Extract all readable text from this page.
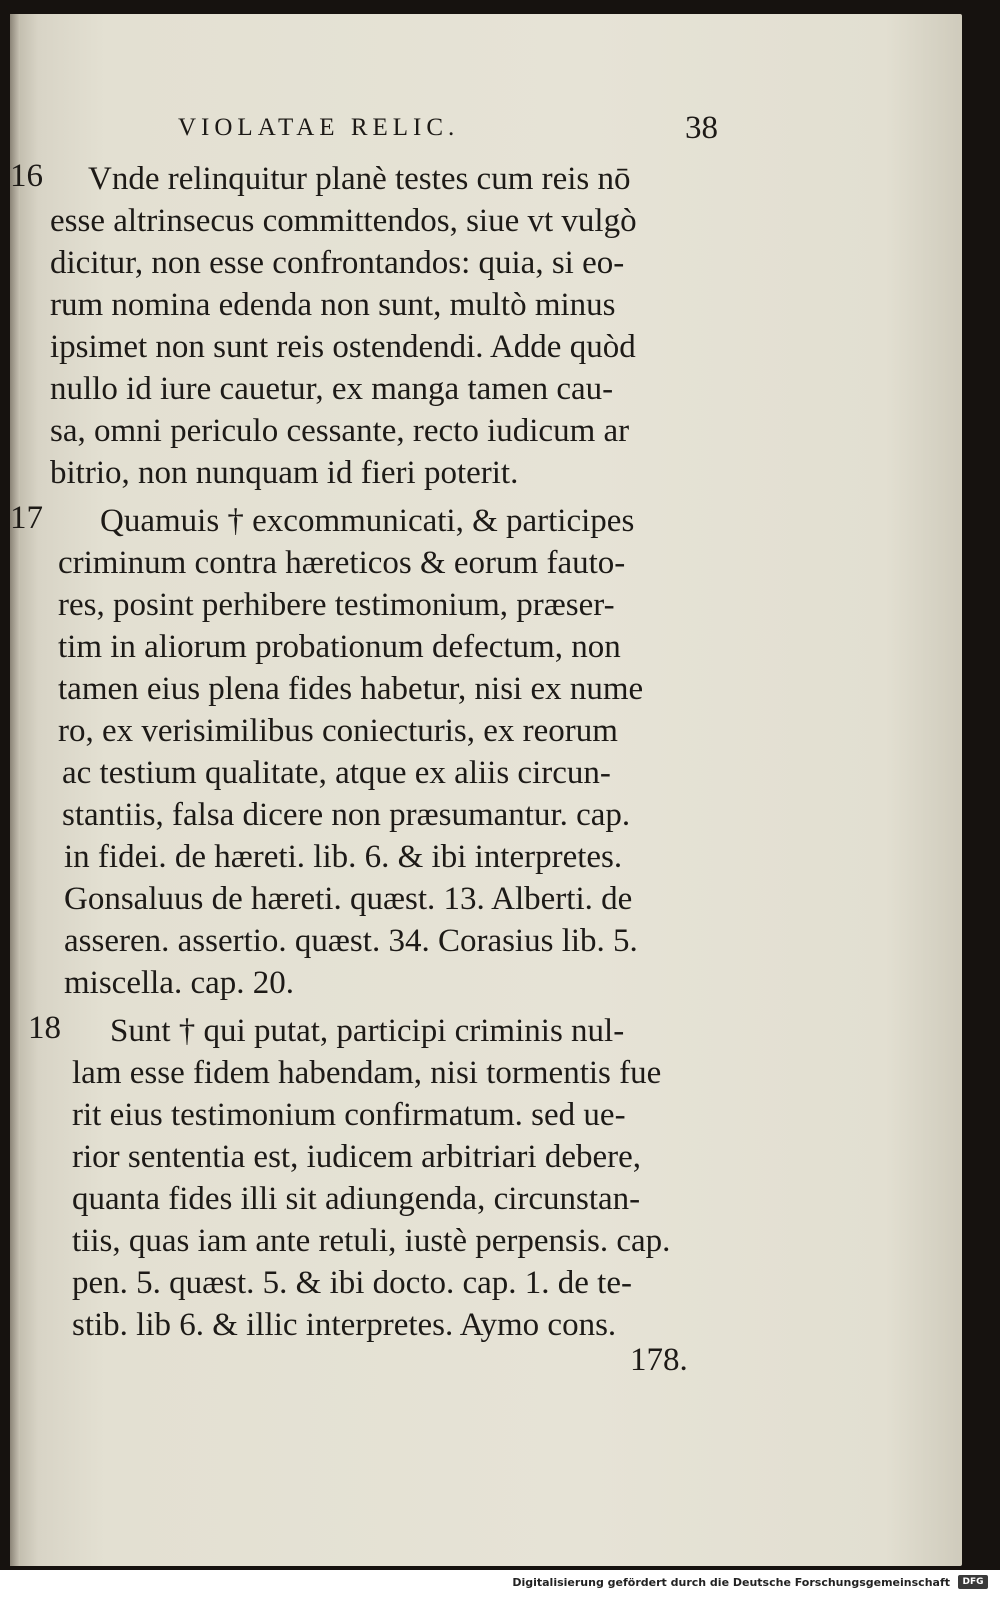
VIOLATAE RELIC.	38
16 Vnde relinquitur planè testes cum reis nō
esse altrinsecus committendos, siue vt vulgò
dicitur, non esse confrontandos: quia, si eo-
rum nomina edenda non sunt, multò minus
ipsimet non sunt reis ostendendi. Adde quòd
nullo id iure cauetur, ex manga tamen cau-
sa, omni periculo cessante, recto iudicum ar
bitrio, non nunquam id fieri poterit.
17 Quamuis † excommunicati, & participes
criminum contra hæreticos & eorum fauto-
res, posint perhibere testimonium, præser-
tim in aliorum probationum defectum, non
tamen eius plena fides habetur, nisi ex nume
ro, ex verisimilibus coniecturis, ex reorum
ac testium qualitate, atque ex aliis circun-
stantiis, falsa dicere non præsumantur. cap.
in fidei. de hæreti. lib. 6. & ibi interpretes.
Gonsaluus de hæreti. quæst. 13. Alberti. de
asseren. assertio. quæst. 34. Corasius lib. 5.
miscella. cap. 20.
18 Sunt † qui putat, participi criminis nul-
lam esse fidem habendam, nisi tormentis fue
rit eius testimonium confirmatum. sed ue-
rior sententia est, iudicem arbitriari debere,
quanta fides illi sit adiungenda, circunstan-
tiis, quas iam ante retuli, iustè perpensis. cap.
pen. 5. quæst. 5. & ibi docto. cap. 1. de te-
stib. lib 6. & illic interpretes. Aymo cons.
178.
Digitalisierung gefördert durch die Deutsche Forschungsgemeinschaft	DFG
